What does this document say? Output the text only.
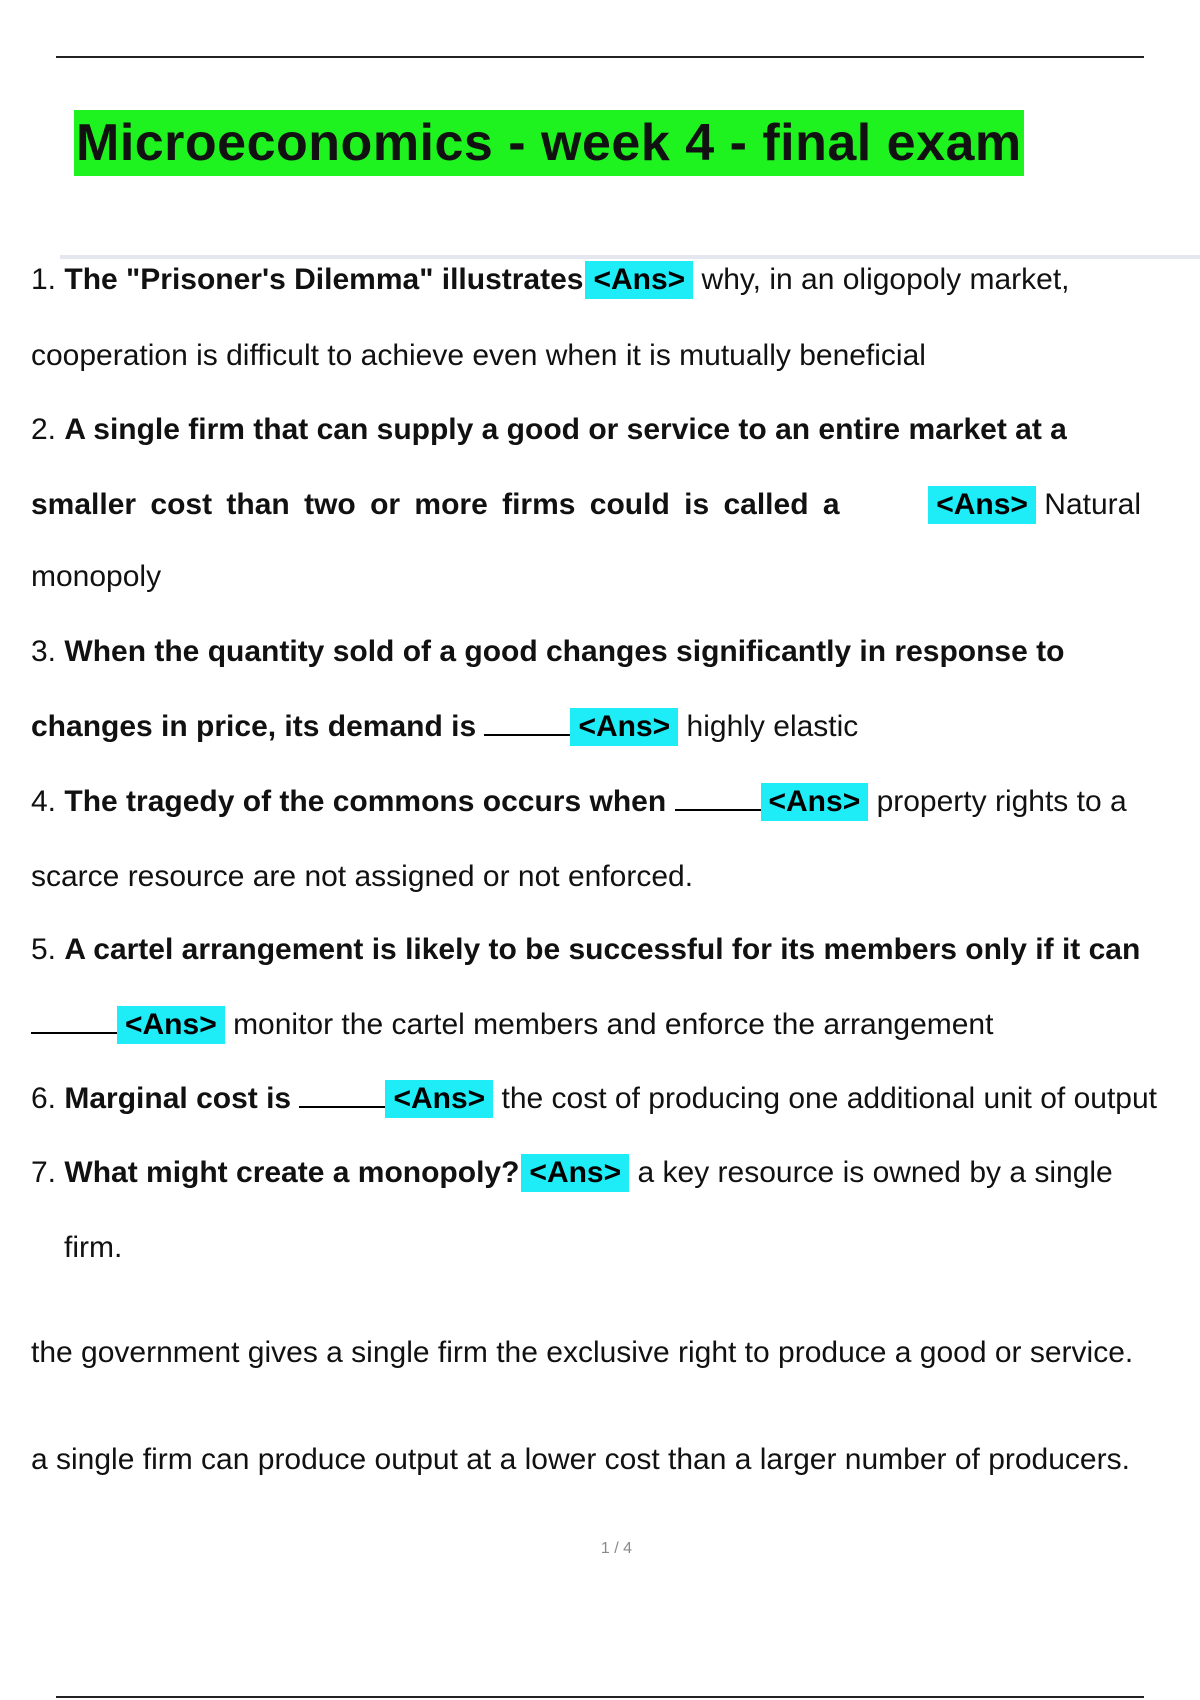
Microeconomics - week 4 - final exam
1. The "Prisoner's Dilemma" illustrates <Ans> why, in an oligopoly market,
cooperation is difficult to achieve even when it is mutually beneficial
2. A single firm that can supply a good or service to an entire market at a
smaller cost than two or more firms could is called a	<Ans> Natural
monopoly
3. When the quantity sold of a good changes significantly in response to
changes in price, its demand is	<Ans> highly elastic
4. The tragedy of the commons occurs when	<Ans> property rights to a
scarce resource are not assigned or not enforced.
5. A cartel arrangement is likely to be successful for its members only if it can
<Ans> monitor the cartel members and enforce the arrangement
6. Marginal cost is	<Ans> the cost of producing one additional unit of output
7. What might create a monopoly? <Ans> a key resource is owned by a single
firm.
the government gives a single firm the exclusive right to produce a good or service.
a single firm can produce output at a lower cost than a larger number of producers.
1 / 4
